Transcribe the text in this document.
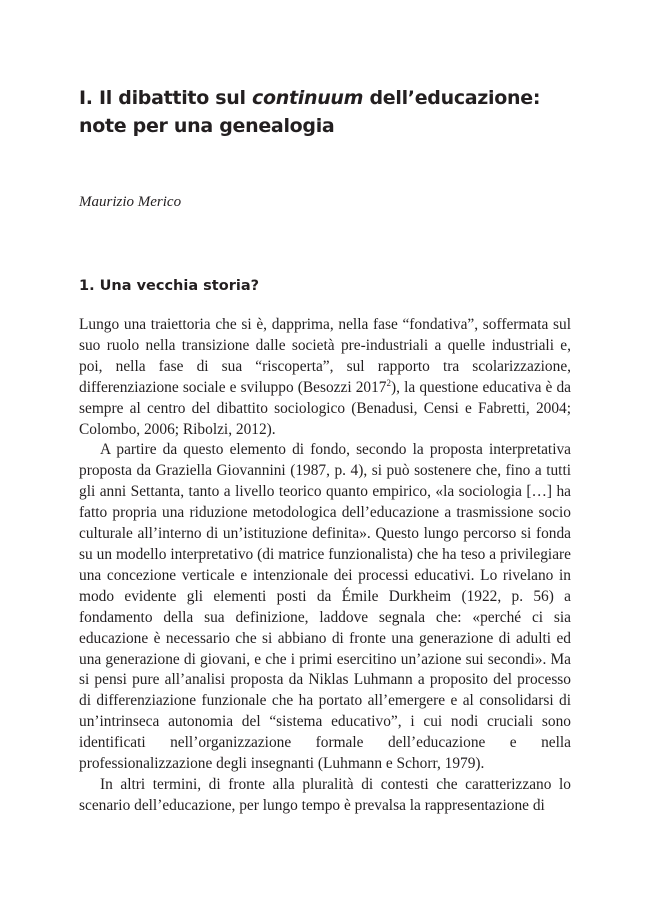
I. Il dibattito sul continuum dell’educazione:
note per una genealogia

Maurizio Merico

1. Una vecchia storia?

Lungo una traiettoria che si è, dapprima, nella fase “fondativa”, soffermata sul suo ruolo nella transizione dalle società pre-industriali a quelle industriali e, poi, nella fase di sua “riscoperta”, sul rapporto tra scolarizzazione, differenziazione sociale e sviluppo (Besozzi 2017$^2$), la questione educativa è da sempre al centro del dibattito sociologico (Benadusi, Censi e Fabretti, 2004; Colombo, 2006; Ribolzi, 2012).

A partire da questo elemento di fondo, secondo la proposta interpretativa proposta da Graziella Giovannini (1987, p. 4), si può sostenere che, fino a tutti gli anni Settanta, tanto a livello teorico quanto empirico, «la sociologia […] ha fatto propria una riduzione metodologica dell’educazione a trasmissione socio culturale all’interno di un’istituzione definita». Questo lungo percorso si fonda su un modello interpretativo (di matrice funzionalista) che ha teso a privilegiare una concezione verticale e intenzionale dei processi educativi. Lo rivelano in modo evidente gli elementi posti da Émile Durkheim (1922, p. 56) a fondamento della sua definizione, laddove segnala che: «perché ci sia educazione è necessario che si abbiano di fronte una generazione di adulti ed una generazione di giovani, e che i primi esercitino un’azione sui secondi». Ma si pensi pure all’analisi proposta da Niklas Luhmann a proposito del processo di differenziazione funzionale che ha portato all’emergere e al consolidarsi di un’intrinseca autonomia del “sistema educativo”, i cui nodi cruciali sono identificati nell’organizzazione formale dell’educazione e nella professionalizzazione degli insegnanti (Luhmann e Schorr, 1979).

In altri termini, di fronte alla pluralità di contesti che caratterizzano lo scenario dell’educazione, per lungo tempo è prevalsa la rappresentazione di
